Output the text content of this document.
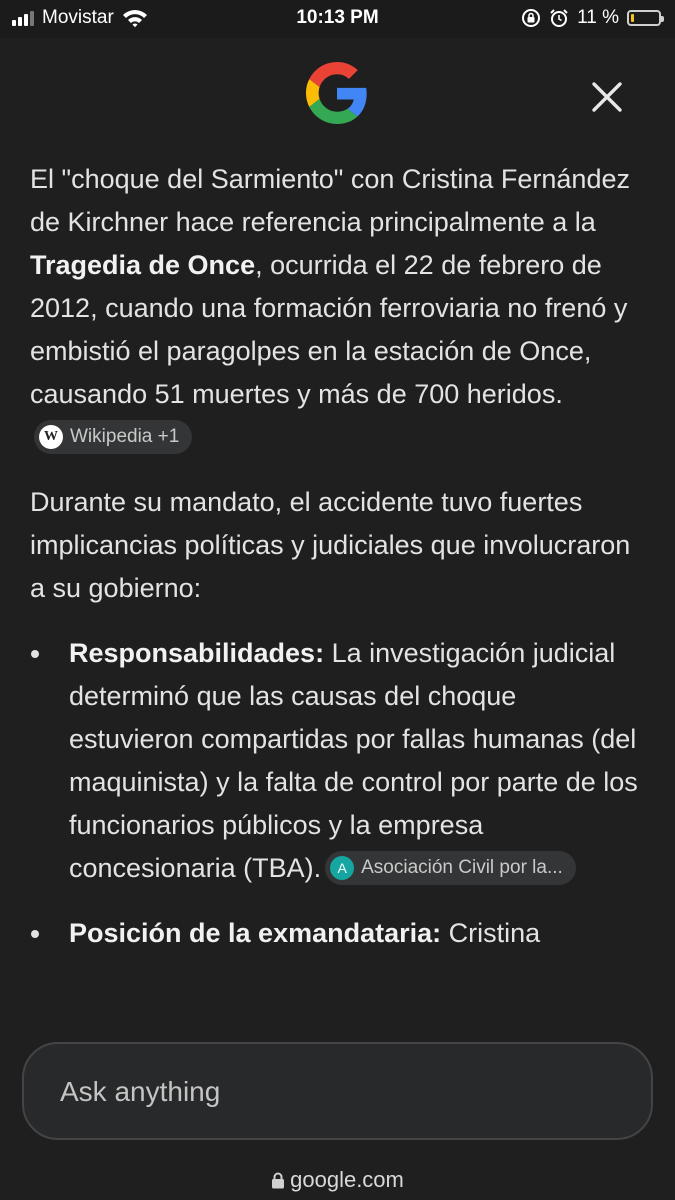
Movistar	10:13 PM	11 %

El "choque del Sarmiento" con Cristina Fernández de Kirchner hace referencia principalmente a la Tragedia de Once, ocurrida el 22 de febrero de 2012, cuando una formación ferroviaria no frenó y embistió el paragolpes en la estación de Once, causando 51 muertes y más de 700 heridos.
W Wikipedia +1

Durante su mandato, el accidente tuvo fuertes implicancias políticas y judiciales que involucraron a su gobierno:

Responsabilidades: La investigación judicial determinó que las causas del choque estuvieron compartidas por fallas humanas (del maquinista) y la falta de control por parte de los funcionarios públicos y la empresa concesionaria (TBA).	A Asociación Civil por la...
Posición de la exmandataria: Cristina
Ask anything
google.com
